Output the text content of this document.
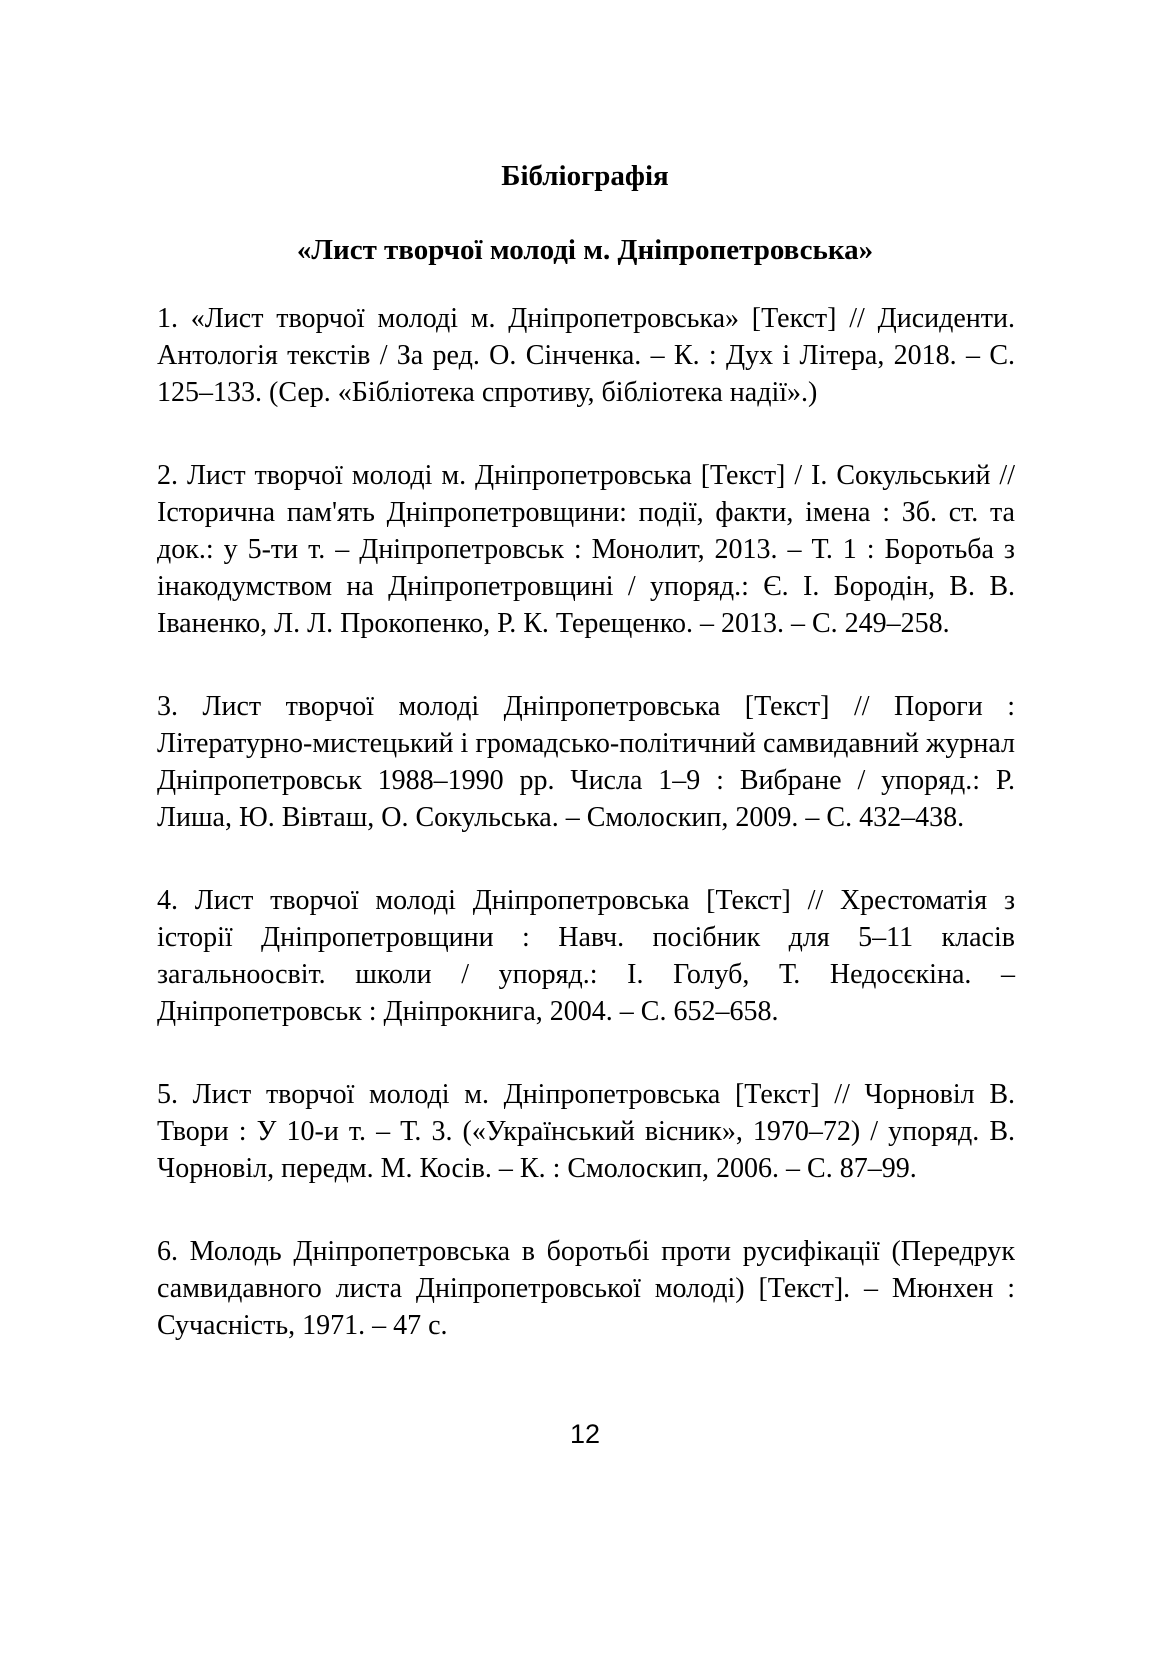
Бібліографія
«Лист творчої молоді м. Дніпропетровська»
1. «Лист творчої молоді м. Дніпропетровська» [Текст] // Дисиденти. Антологія текстів / За ред. О. Сінченка. – К. : Дух і Літера, 2018. – С. 125–133. (Сер. «Бібліотека спротиву, бібліотека надії».)
2. Лист творчої молоді м. Дніпропетровська [Текст] / І. Сокульський // Історична пам'ять Дніпропетровщини: події, факти, імена : Зб. ст. та док.: у 5-ти т. – Дніпропетровськ : Монолит, 2013. – Т. 1 : Боротьба з інакодумством на Дніпропетровщині / упоряд.: Є. І. Бородін, В. В. Іваненко, Л. Л. Прокопенко, Р. К. Терещенко. – 2013. – С. 249–258.
3. Лист творчої молоді Дніпропетровська [Текст] // Пороги : Літературно-мистецький і громадсько-політичний самвидавний журнал Дніпропетровськ 1988–1990 рр. Числа 1–9 : Вибране / упоряд.: Р. Лиша, Ю. Вівташ, О. Сокульська. – Смолоскип, 2009. – С. 432–438.
4. Лист творчої молоді Дніпропетровська [Текст] // Хрестоматія з історії Дніпропетровщини : Навч. посібник для 5–11 класів загальноосвіт. школи / упоряд.: І. Голуб, Т. Недосєкіна. – Дніпропетровськ : Дніпрокнига, 2004. – С. 652–658.
5. Лист творчої молоді м. Дніпропетровська [Текст] // Чорновіл В. Твори : У 10-и т. – Т. 3. («Український вісник», 1970–72) / упоряд. В. Чорновіл, передм. М. Косів. – К. : Смолоскип, 2006. – С. 87–99.
6. Молодь Дніпропетровська в боротьбі проти русифікації (Передрук самвидавного листа Дніпропетровської молоді) [Текст]. – Мюнхен : Сучасність, 1971. – 47 с.
12
